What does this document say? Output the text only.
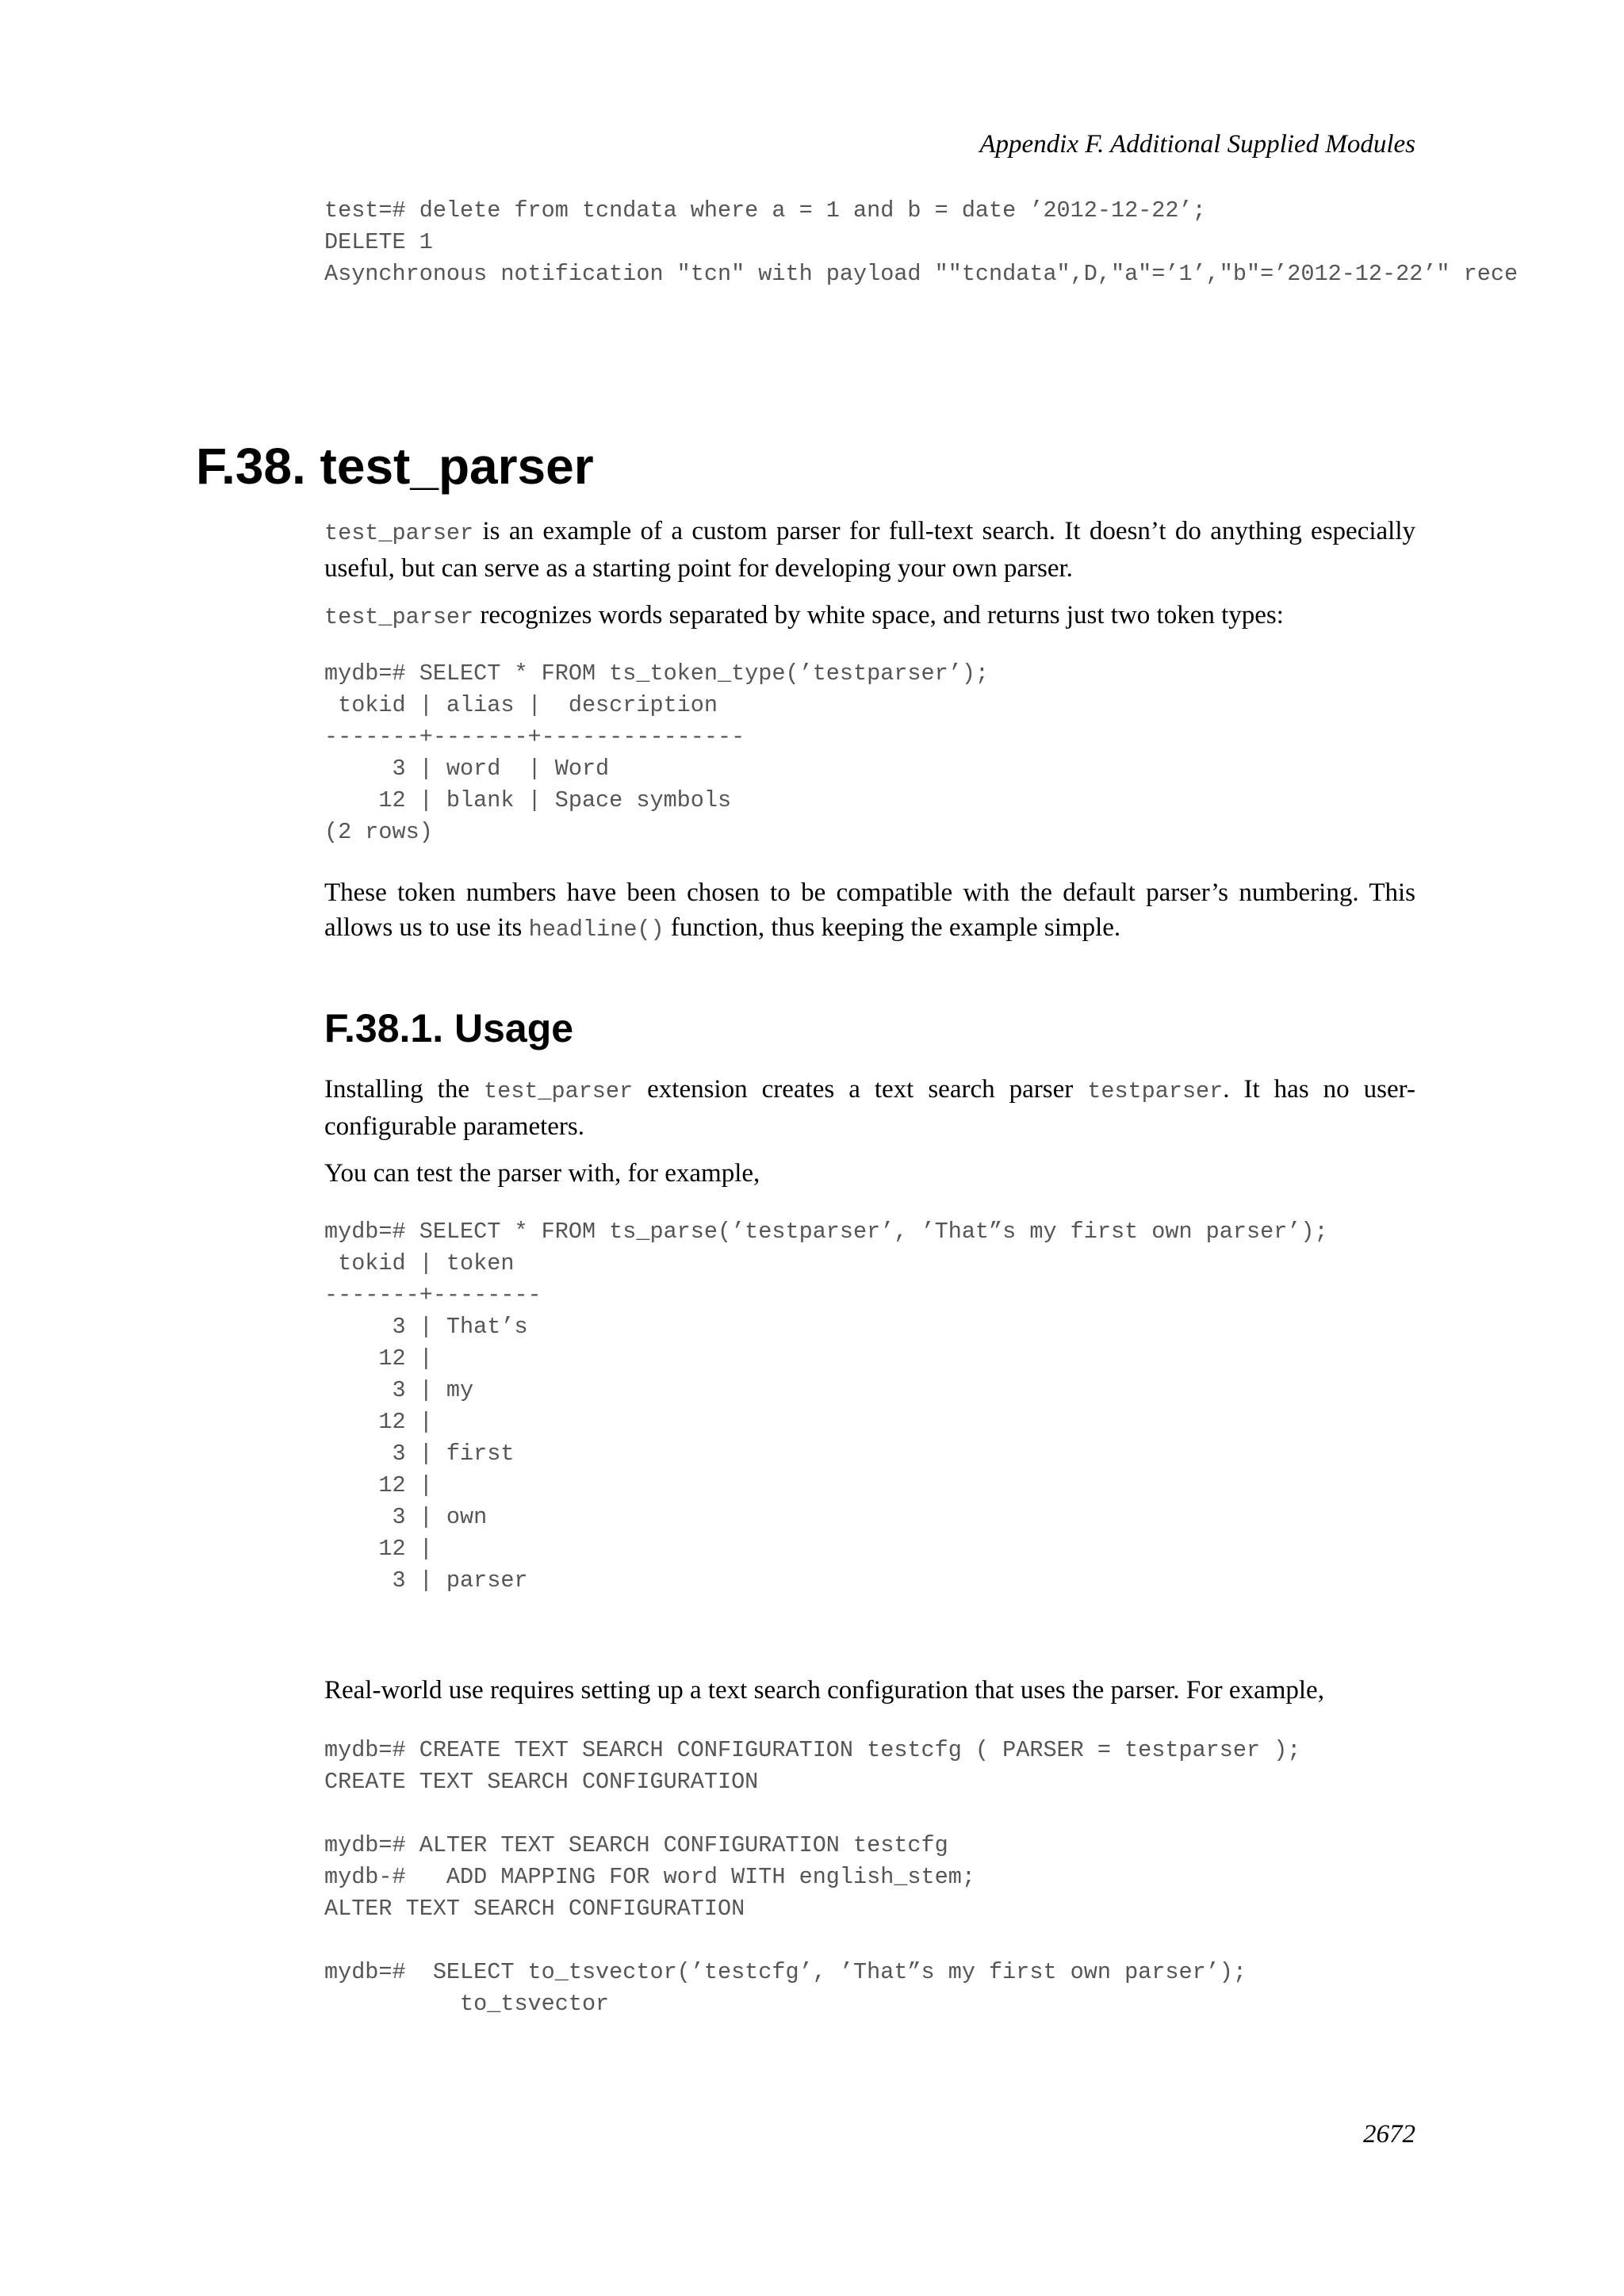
Appendix F. Additional Supplied Modules
test=# delete from tcndata where a = 1 and b = date ’2012-12-22’;
DELETE 1
Asynchronous notification "tcn" with payload ""tcndata",D,"a"=’1’,"b"=’2012-12-22’" rece
F.38. test_parser

test_parser is an example of a custom parser for full-text search. It doesn’t do anything especially useful, but can serve as a starting point for developing your own parser.

test_parser recognizes words separated by white space, and returns just two token types:

mydb=# SELECT * FROM ts_token_type(’testparser’);
tokid | alias |  description
-------+-------+---------------
3 | word  | Word
12 | blank | Space symbols
(2 rows)

These token numbers have been chosen to be compatible with the default parser’s numbering. This allows us to use its headline() function, thus keeping the example simple.

F.38.1. Usage

Installing the test_parser extension creates a text search parser testparser. It has no user-configurable parameters.

You can test the parser with, for example,

mydb=# SELECT * FROM ts_parse(’testparser’, ’That”s my first own parser’);
tokid | token
-------+--------
3 | That’s
12 |
3 | my
12 |
3 | first
12 |
3 | own
12 |
3 | parser

Real-world use requires setting up a text search configuration that uses the parser. For example,

mydb=# CREATE TEXT SEARCH CONFIGURATION testcfg ( PARSER = testparser );
CREATE TEXT SEARCH CONFIGURATION

mydb=# ALTER TEXT SEARCH CONFIGURATION testcfg
mydb-#   ADD MAPPING FOR word WITH english_stem;
ALTER TEXT SEARCH CONFIGURATION

mydb=#  SELECT to_tsvector(’testcfg’, ’That”s my first own parser’);
to_tsvector
2672
